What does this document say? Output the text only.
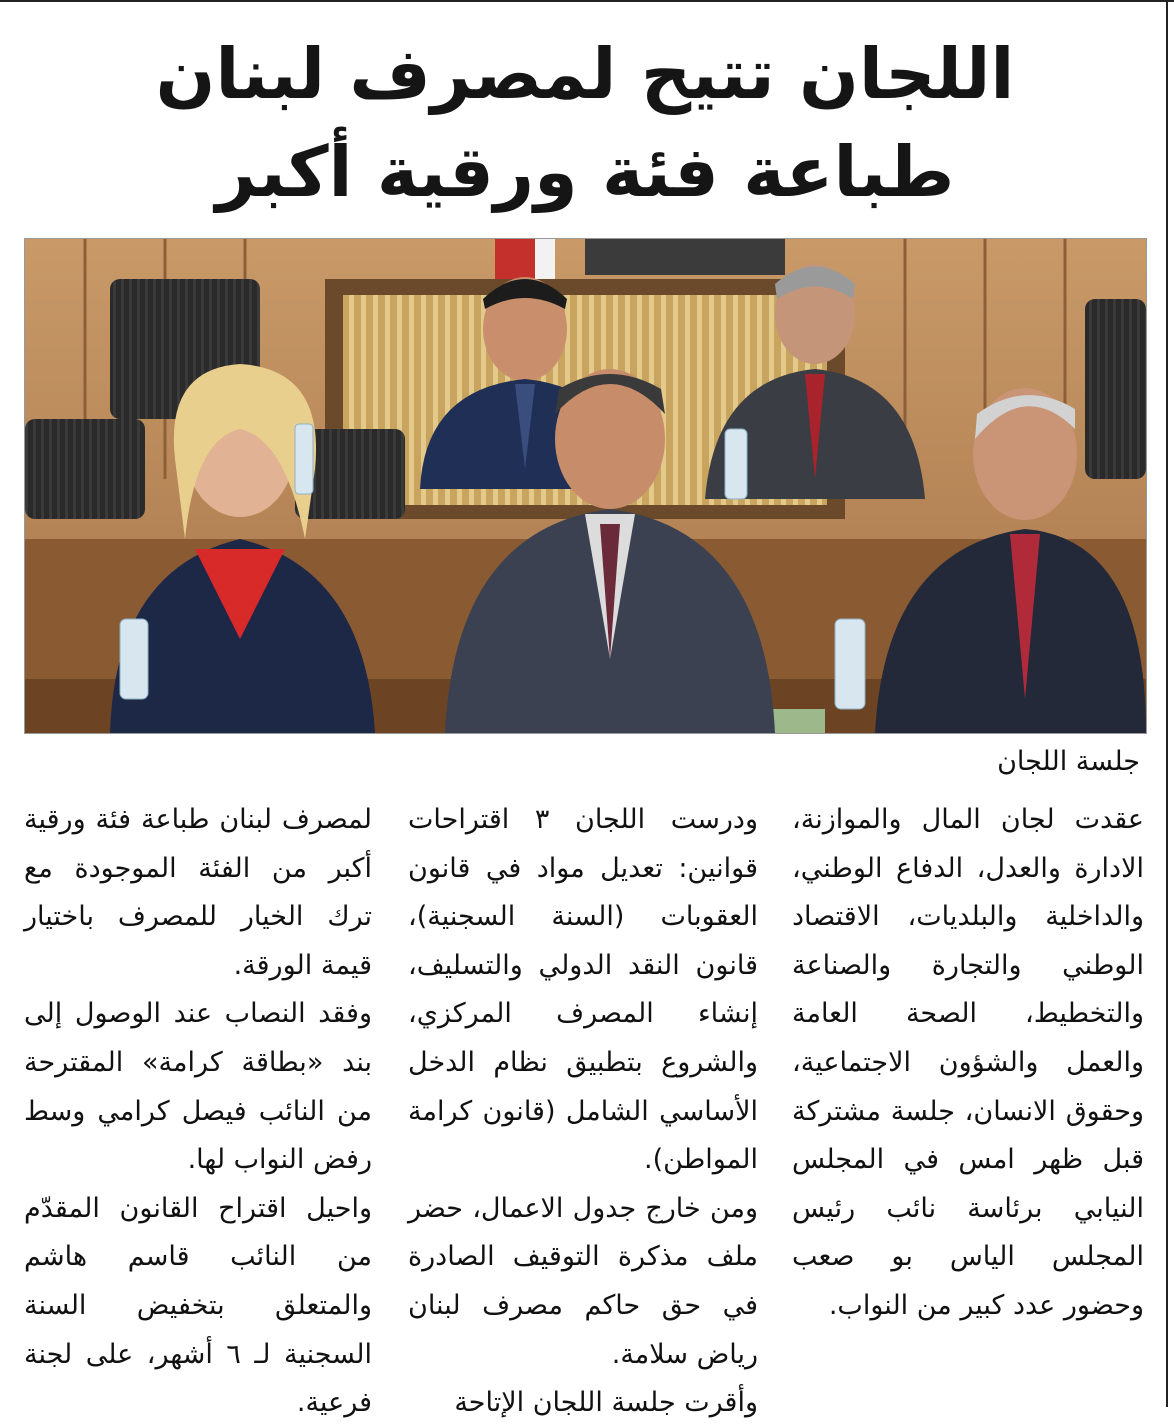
اللجان تتيح لمصرف لبنان
طباعة فئة ورقية أكبر
جلسة اللجان

عقدت لجان المال والموازنة، الادارة والعدل، الدفاع الوطني، والداخلية والبلديات، الاقتصاد الوطني والتجارة والصناعة والتخطيط، الصحة العامة والعمل والشؤون الاجتماعية، وحقوق الانسان، جلسة مشتركة قبل ظهر امس في المجلس النيابي برئاسة نائب رئيس المجلس الياس بو صعب وحضور عدد كبير من النواب.

ودرست اللجان ٣ اقتراحات قوانين: تعديل مواد في قانون العقوبات (السنة السجنية)، قانون النقد الدولي والتسليف، إنشاء المصرف المركزي، والشروع بتطبيق نظام الدخل الأساسي الشامل (قانون كرامة المواطن).

ومن خارج جدول الاعمال، حضر ملف مذكرة التوقيف الصادرة في حق حاكم مصرف لبنان رياض سلامة.

وأقرت جلسة اللجان الإتاحة

لمصرف لبنان طباعة فئة ورقية أكبر من الفئة الموجودة مع ترك الخيار للمصرف باختيار قيمة الورقة.

وفقد النصاب عند الوصول إلى بند «بطاقة كرامة» المقترحة من النائب فيصل كرامي وسط رفض النواب لها.

واحيل اقتراح القانون المقدّم من النائب قاسم هاشم والمتعلق بتخفيض السنة السجنية لـ ٦ أشهر، على لجنة فرعية.
